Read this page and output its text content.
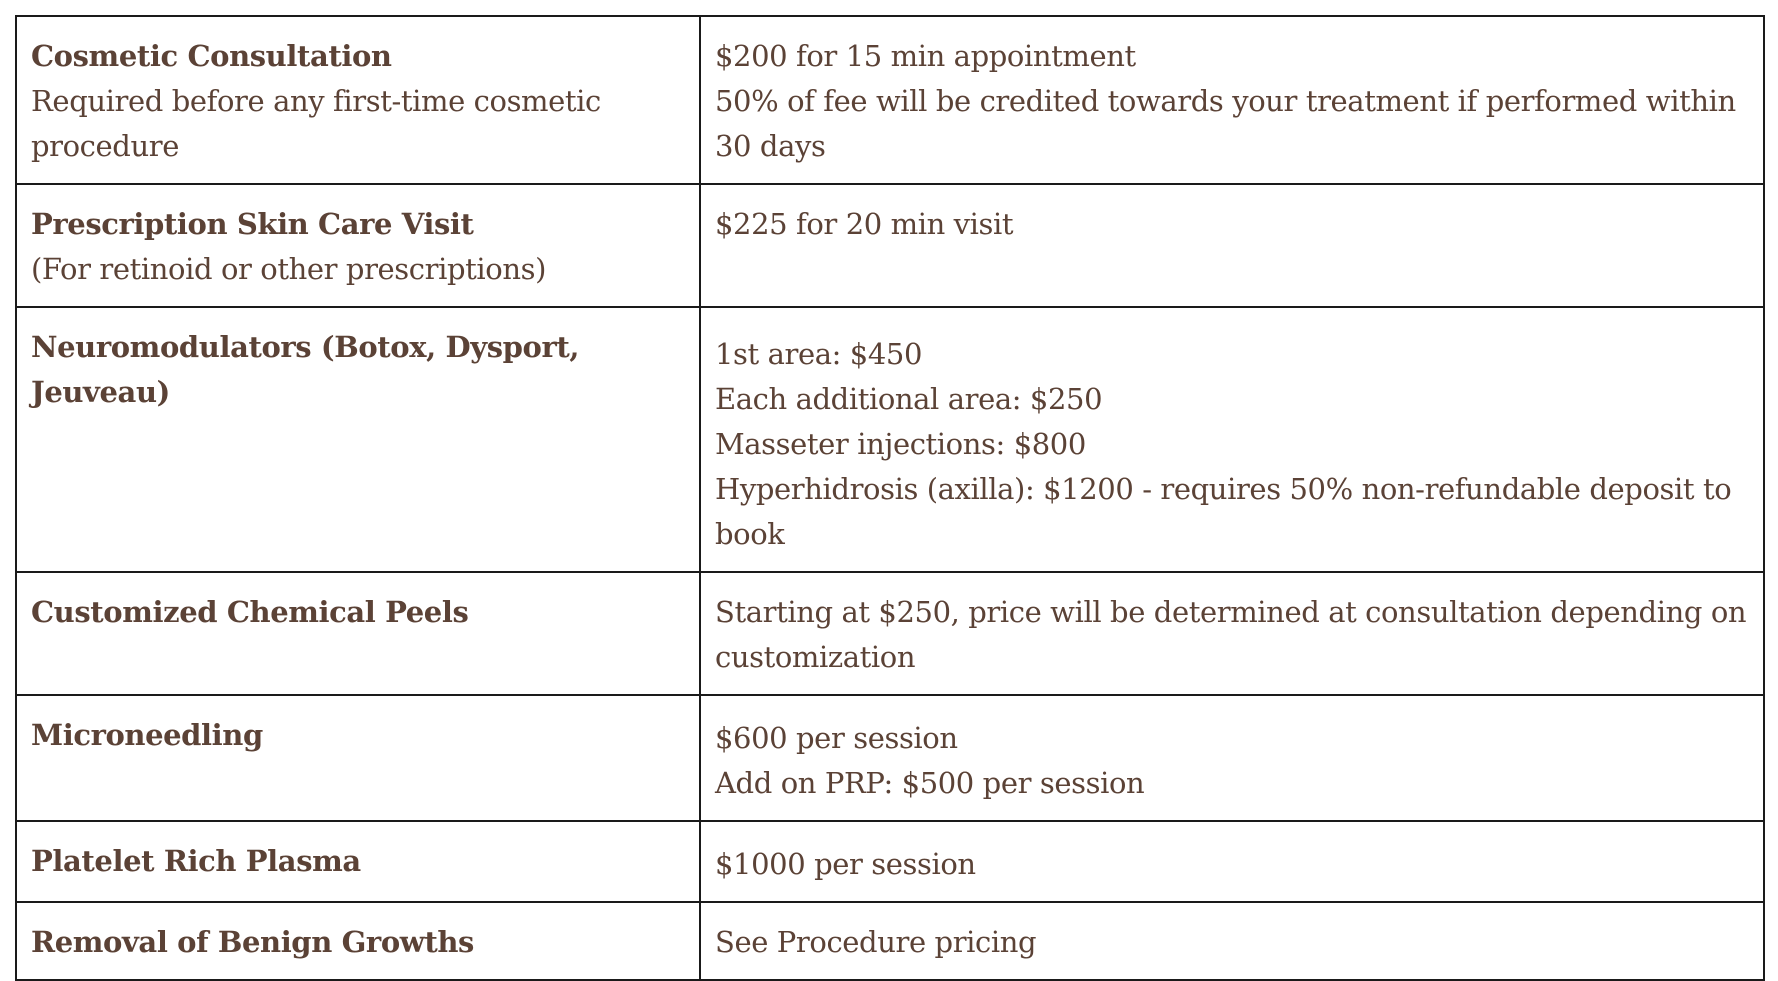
Cosmetic Consultation
Required before any first-time cosmetic
procedure	$200 for 15 min appointment
50% of fee will be credited towards your treatment if performed within
30 days

Prescription Skin Care Visit
(For retinoid or other prescriptions)	$225 for 20 min visit

Neuromodulators (Botox, Dysport, Jeuveau)	1st area: $450
Each additional area: $250
Masseter injections: $800
Hyperhidrosis (axilla): $1200 - requires 50% non-refundable deposit to
book

Customized Chemical Peels	Starting at $250, price will be determined at consultation depending on
customization

Microneedling	$600 per session
Add on PRP: $500 per session

Platelet Rich Plasma	$1000 per session

Removal of Benign Growths	See Procedure pricing
